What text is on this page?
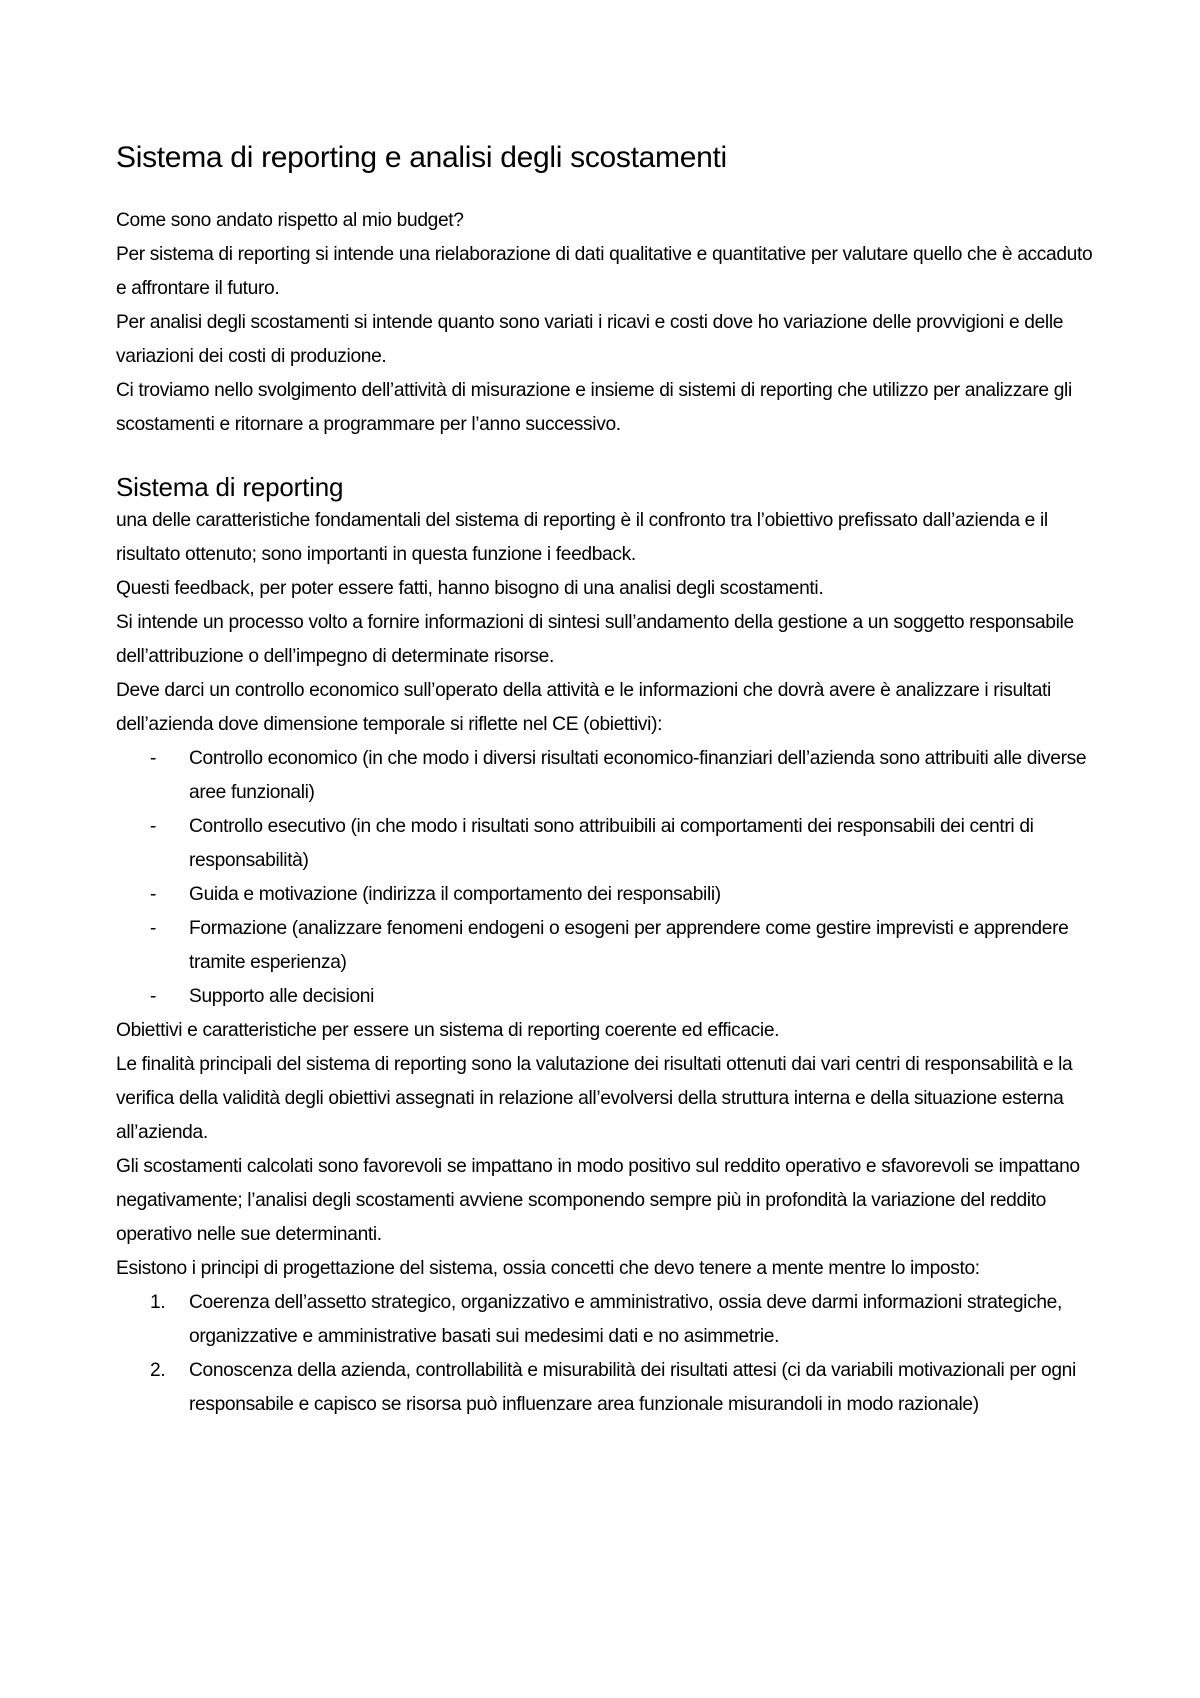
Sistema di reporting e analisi degli scostamenti

Come sono andato rispetto al mio budget?

Per sistema di reporting si intende una rielaborazione di dati qualitative e quantitative per valutare quello che è accaduto e affrontare il futuro.

Per analisi degli scostamenti si intende quanto sono variati i ricavi e costi dove ho variazione delle provvigioni e delle variazioni dei costi di produzione.

Ci troviamo nello svolgimento dell’attività di misurazione e insieme di sistemi di reporting che utilizzo per analizzare gli scostamenti e ritornare a programmare per l’anno successivo.

Sistema di reporting

una delle caratteristiche fondamentali del sistema di reporting è il confronto tra l’obiettivo prefissato dall’azienda e il risultato ottenuto; sono importanti in questa funzione i feedback.

Questi feedback, per poter essere fatti, hanno bisogno di una analisi degli scostamenti.

Si intende un processo volto a fornire informazioni di sintesi sull’andamento della gestione a un soggetto responsabile dell’attribuzione o dell’impegno di determinate risorse.

Deve darci un controllo economico sull’operato della attività e le informazioni che dovrà avere è analizzare i risultati dell’azienda dove dimensione temporale si riflette nel CE (obiettivi):

- Controllo economico (in che modo i diversi risultati economico-finanziari dell’azienda sono attribuiti alle diverse aree funzionali)
- Controllo esecutivo (in che modo i risultati sono attribuibili ai comportamenti dei responsabili dei centri di responsabilità)
- Guida e motivazione (indirizza il comportamento dei responsabili)
- Formazione (analizzare fenomeni endogeni o esogeni per apprendere come gestire imprevisti e apprendere tramite esperienza)
- Supporto alle decisioni

Obiettivi e caratteristiche per essere un sistema di reporting coerente ed efficacie.

Le finalità principali del sistema di reporting sono la valutazione dei risultati ottenuti dai vari centri di responsabilità e la verifica della validità degli obiettivi assegnati in relazione all’evolversi della struttura interna e della situazione esterna all’azienda.

Gli scostamenti calcolati sono favorevoli se impattano in modo positivo sul reddito operativo e sfavorevoli se impattano negativamente; l’analisi degli scostamenti avviene scomponendo sempre più in profondità la variazione del reddito operativo nelle sue determinanti.

Esistono i principi di progettazione del sistema, ossia concetti che devo tenere a mente mentre lo imposto:

1. Coerenza dell’assetto strategico, organizzativo e amministrativo, ossia deve darmi informazioni strategiche, organizzative e amministrative basati sui medesimi dati e no asimmetrie.
2. Conoscenza della azienda, controllabilità e misurabilità dei risultati attesi (ci da variabili motivazionali per ogni responsabile e capisco se risorsa può influenzare area funzionale misurandoli in modo razionale)
